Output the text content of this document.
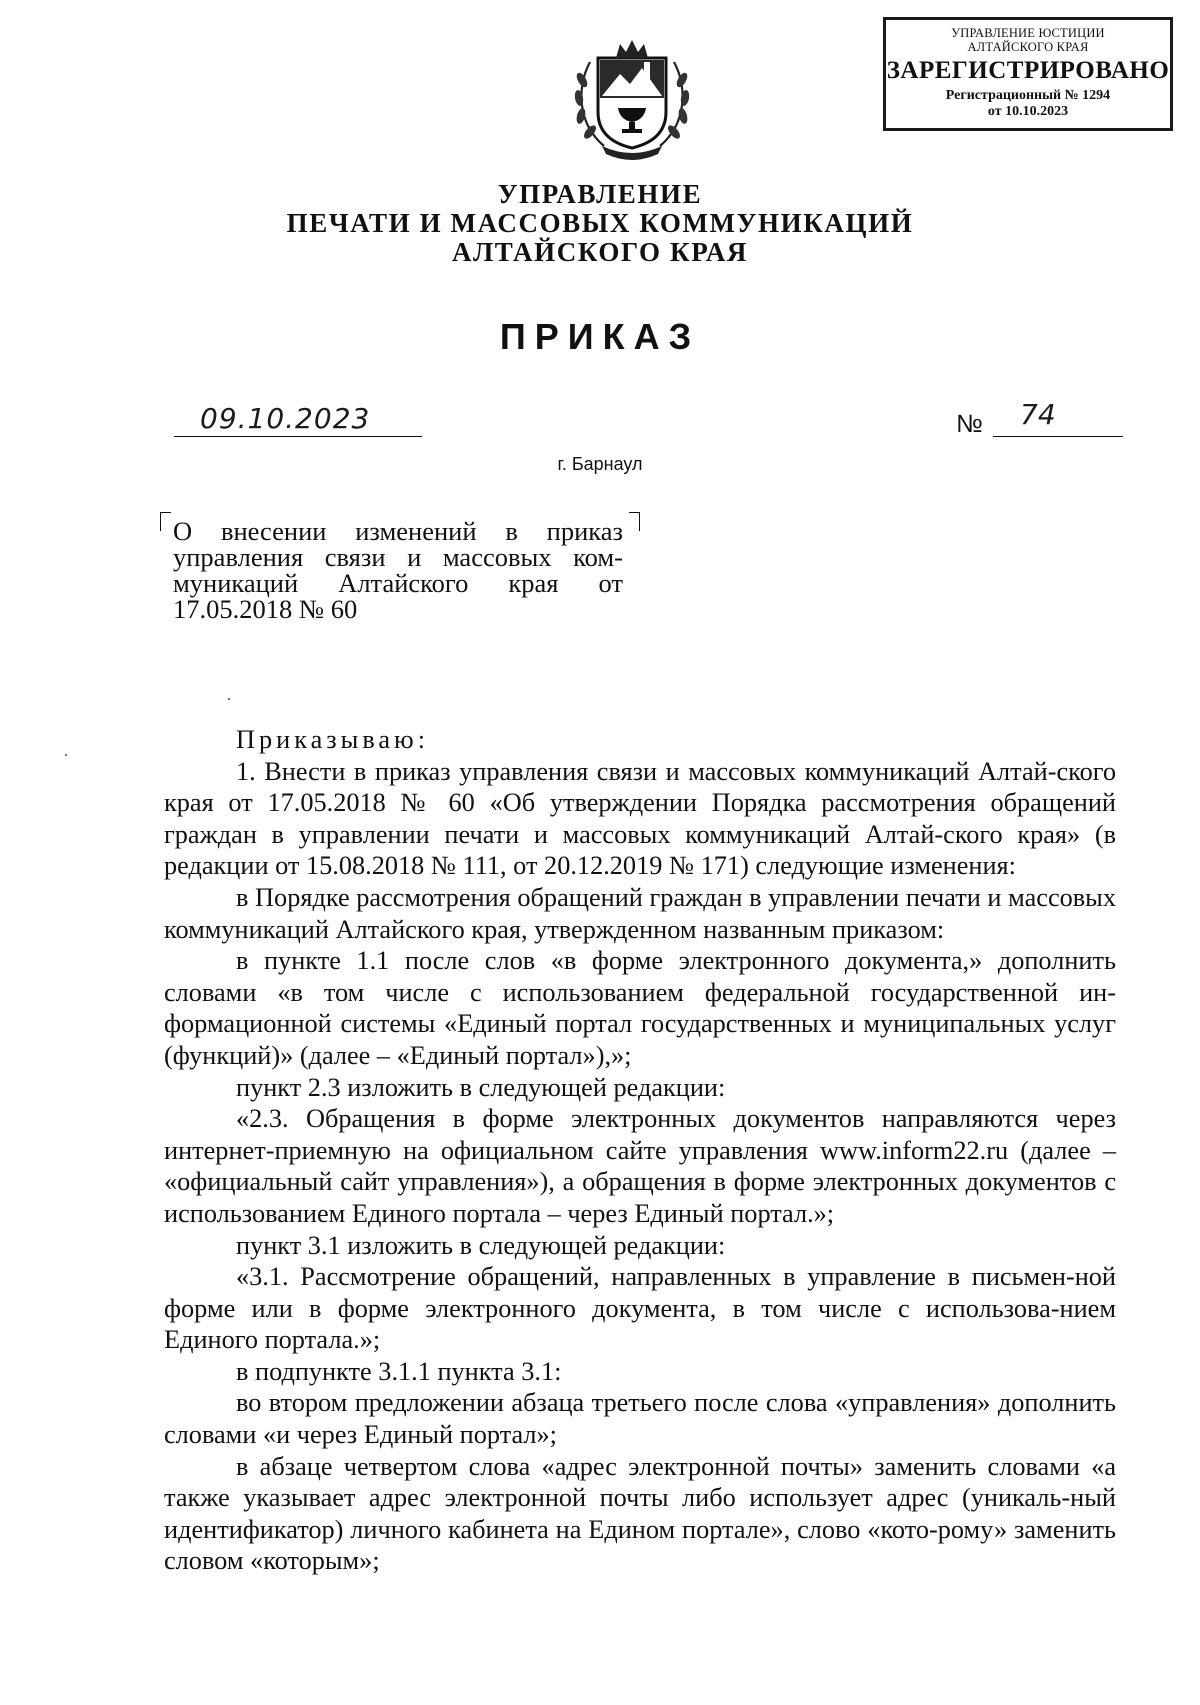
УПРАВЛЕНИЕ ЮСТИЦИИ
АЛТАЙСКОГО КРАЯ
ЗАРЕГИСТРИРОВАНО
Регистрационный № 1294
от 10.10.2023
УПРАВЛЕНИЕ
ПЕЧАТИ И МАССОВЫХ КОММУНИКАЦИЙ
АЛТАЙСКОГО КРАЯ
ПРИКАЗ
09.10.2023	№ 74
г. Барнаул
О внесении изменений в приказ управления связи и массовых ком-муникаций Алтайского края от 17.05.2018 № 60

Приказываю:

1. Внести в приказ управления связи и массовых коммуникаций Алтай-ского края от 17.05.2018 № 60 «Об утверждении Порядка рассмотрения обращений граждан в управлении печати и массовых коммуникаций Алтай-ского края» (в редакции от 15.08.2018 № 111, от 20.12.2019 № 171) следующие изменения:

в Порядке рассмотрения обращений граждан в управлении печати и массовых коммуникаций Алтайского края, утвержденном названным приказом:

в пункте 1.1 после слов «в форме электронного документа,» дополнить словами «в том числе с использованием федеральной государственной ин-формационной системы «Единый портал государственных и муниципальных услуг (функций)» (далее – «Единый портал»),»;

пункт 2.3 изложить в следующей редакции:

«2.3. Обращения в форме электронных документов направляются через интернет-приемную на официальном сайте управления www.inform22.ru (далее – «официальный сайт управления»), а обращения в форме электронных документов с использованием Единого портала – через Единый портал.»;

пункт 3.1 изложить в следующей редакции:

«3.1. Рассмотрение обращений, направленных в управление в письмен-ной форме или в форме электронного документа, в том числе с использова-нием Единого портала.»;

в подпункте 3.1.1 пункта 3.1:

во втором предложении абзаца третьего после слова «управления» дополнить словами «и через Единый портал»;

в абзаце четвертом слова «адрес электронной почты» заменить словами «а также указывает адрес электронной почты либо использует адрес (уникаль-ный идентификатор) личного кабинета на Едином портале», слово «кото-рому» заменить словом «которым»;
